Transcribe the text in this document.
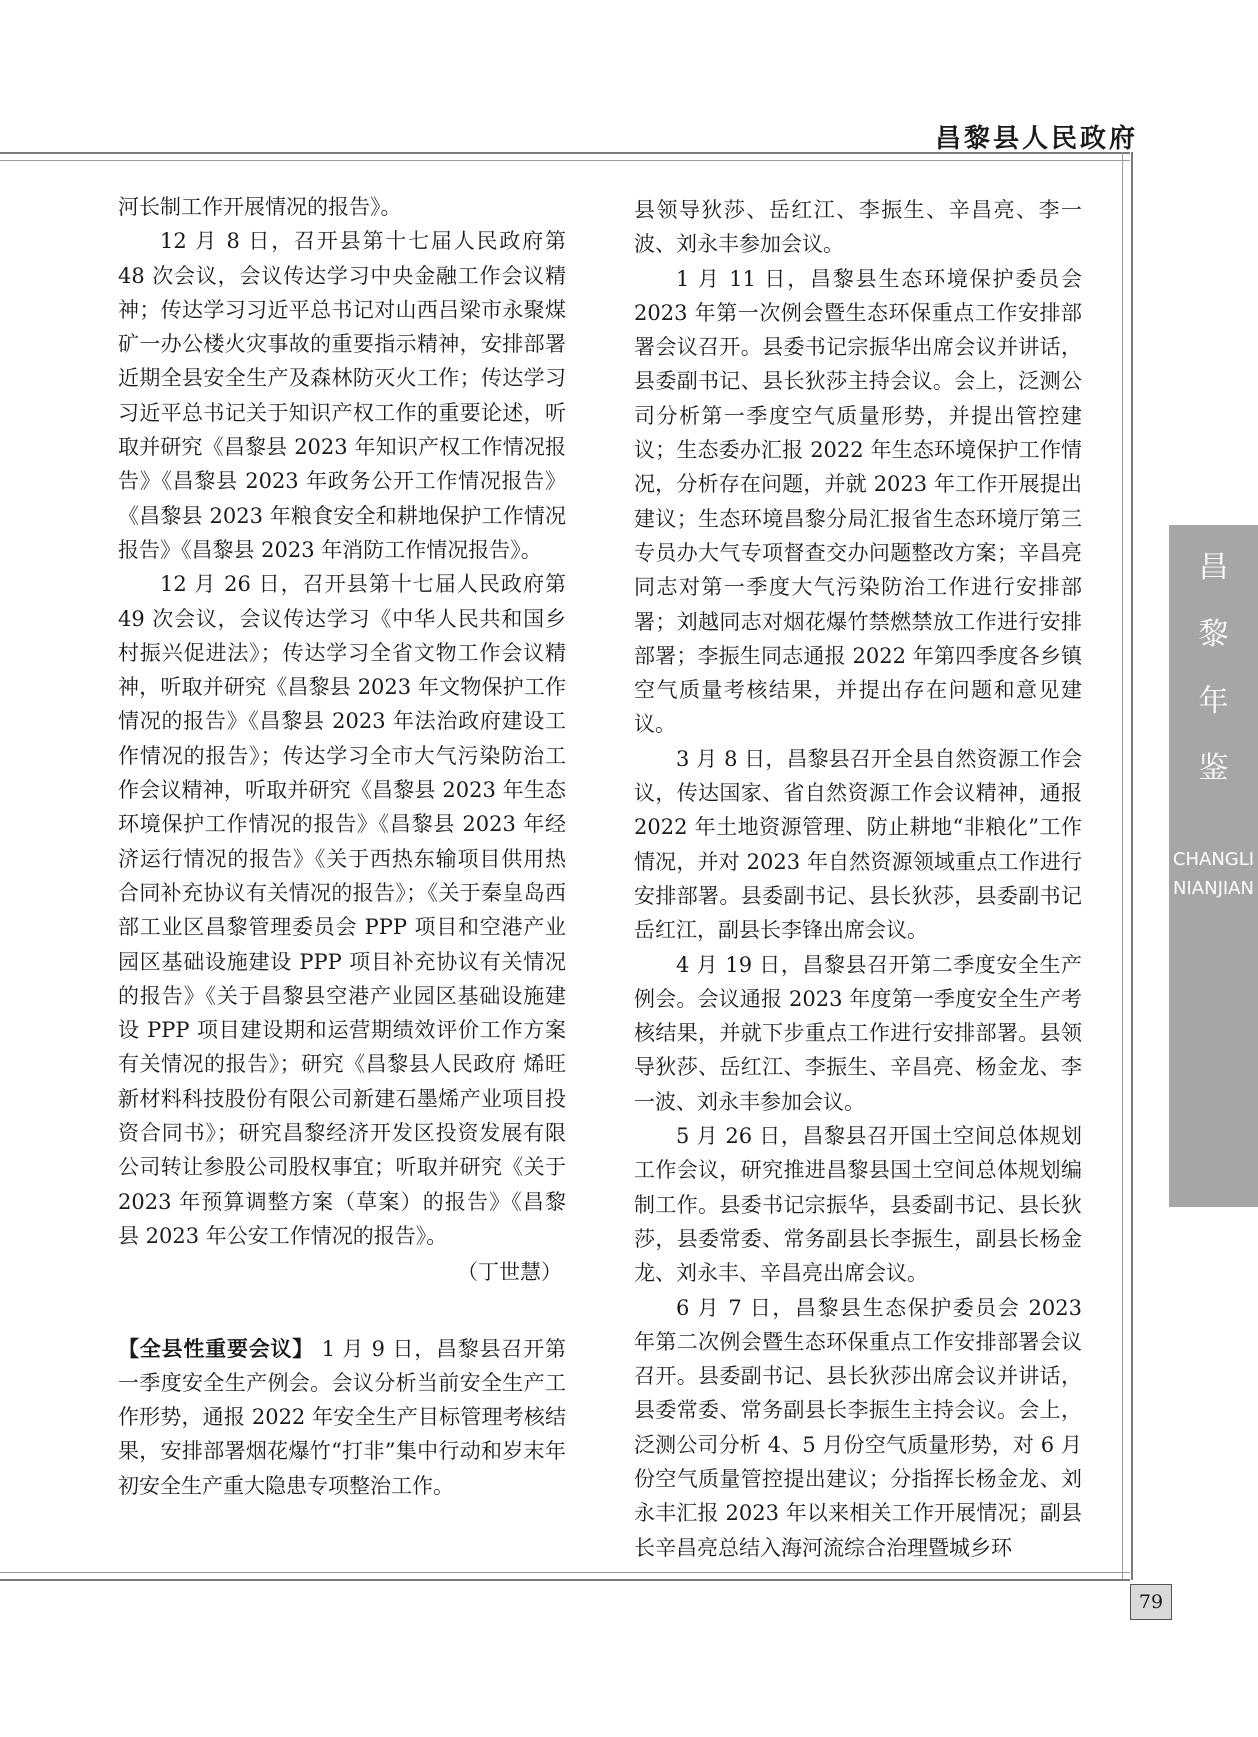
昌黎县人民政府

河长制工作开展情况的报告》。

12 月 8 日，召开县第十七届人民政府第 48 次会议，会议传达学习中央金融工作会议精神；传达学习习近平总书记对山西吕梁市永聚煤矿一办公楼火灾事故的重要指示精神，安排部署近期全县安全生产及森林防灭火工作；传达学习习近平总书记关于知识产权工作的重要论述，听取并研究《昌黎县 2023 年知识产权工作情况报告》《昌黎县 2023 年政务公开工作情况报告》《昌黎县 2023 年粮食安全和耕地保护工作情况报告》《昌黎县 2023 年消防工作情况报告》。

12 月 26 日，召开县第十七届人民政府第 49 次会议，会议传达学习《中华人民共和国乡村振兴促进法》；传达学习全省文物工作会议精神，听取并研究《昌黎县 2023 年文物保护工作情况的报告》《昌黎县 2023 年法治政府建设工作情况的报告》；传达学习全市大气污染防治工作会议精神，听取并研究《昌黎县 2023 年生态环境保护工作情况的报告》《昌黎县 2023 年经济运行情况的报告》《关于西热东输项目供用热合同补充协议有关情况的报告》；《关于秦皇岛西部工业区昌黎管理委员会 PPP 项目和空港产业园区基础设施建设 PPP 项目补充协议有关情况的报告》《关于昌黎县空港产业园区基础设施建设 PPP 项目建设期和运营期绩效评价工作方案有关情况的报告》；研究《昌黎县人民政府 烯旺新材料科技股份有限公司新建石墨烯产业项目投资合同书》；研究昌黎经济开发区投资发展有限公司转让参股公司股权事宜；听取并研究《关于 2023 年预算调整方案（草案）的报告》《昌黎县 2023 年公安工作情况的报告》。

（丁世慧）

【全县性重要会议】 1 月 9 日，昌黎县召开第一季度安全生产例会。会议分析当前安全生产工作形势，通报 2022 年安全生产目标管理考核结果，安排部署烟花爆竹“打非”集中行动和岁末年初安全生产重大隐患专项整治工作。

县领导狄莎、岳红江、李振生、辛昌亮、李一波、刘永丰参加会议。

1 月 11 日，昌黎县生态环境保护委员会 2023 年第一次例会暨生态环保重点工作安排部署会议召开。县委书记宗振华出席会议并讲话，县委副书记、县长狄莎主持会议。会上，泛测公司分析第一季度空气质量形势，并提出管控建议；生态委办汇报 2022 年生态环境保护工作情况，分析存在问题，并就 2023 年工作开展提出建议；生态环境昌黎分局汇报省生态环境厅第三专员办大气专项督查交办问题整改方案；辛昌亮同志对第一季度大气污染防治工作进行安排部署；刘越同志对烟花爆竹禁燃禁放工作进行安排部署；李振生同志通报 2022 年第四季度各乡镇空气质量考核结果，并提出存在问题和意见建议。

3 月 8 日，昌黎县召开全县自然资源工作会议，传达国家、省自然资源工作会议精神，通报 2022 年土地资源管理、防止耕地“非粮化”工作情况，并对 2023 年自然资源领域重点工作进行安排部署。县委副书记、县长狄莎，县委副书记岳红江，副县长李锋出席会议。

4 月 19 日，昌黎县召开第二季度安全生产例会。会议通报 2023 年度第一季度安全生产考核结果，并就下步重点工作进行安排部署。县领导狄莎、岳红江、李振生、辛昌亮、杨金龙、李一波、刘永丰参加会议。

5 月 26 日，昌黎县召开国土空间总体规划工作会议，研究推进昌黎县国土空间总体规划编制工作。县委书记宗振华，县委副书记、县长狄莎，县委常委、常务副县长李振生，副县长杨金龙、刘永丰、辛昌亮出席会议。

6 月 7 日，昌黎县生态保护委员会 2023 年第二次例会暨生态环保重点工作安排部署会议召开。县委副书记、县长狄莎出席会议并讲话，县委常委、常务副县长李振生主持会议。会上，泛测公司分析 4、5 月份空气质量形势，对 6 月份空气质量管控提出建议；分指挥长杨金龙、刘永丰汇报 2023 年以来相关工作开展情况；副县长辛昌亮总结入海河流综合治理暨城乡环

昌
黎
年
鉴
CHANGLINIANJIAN
79
